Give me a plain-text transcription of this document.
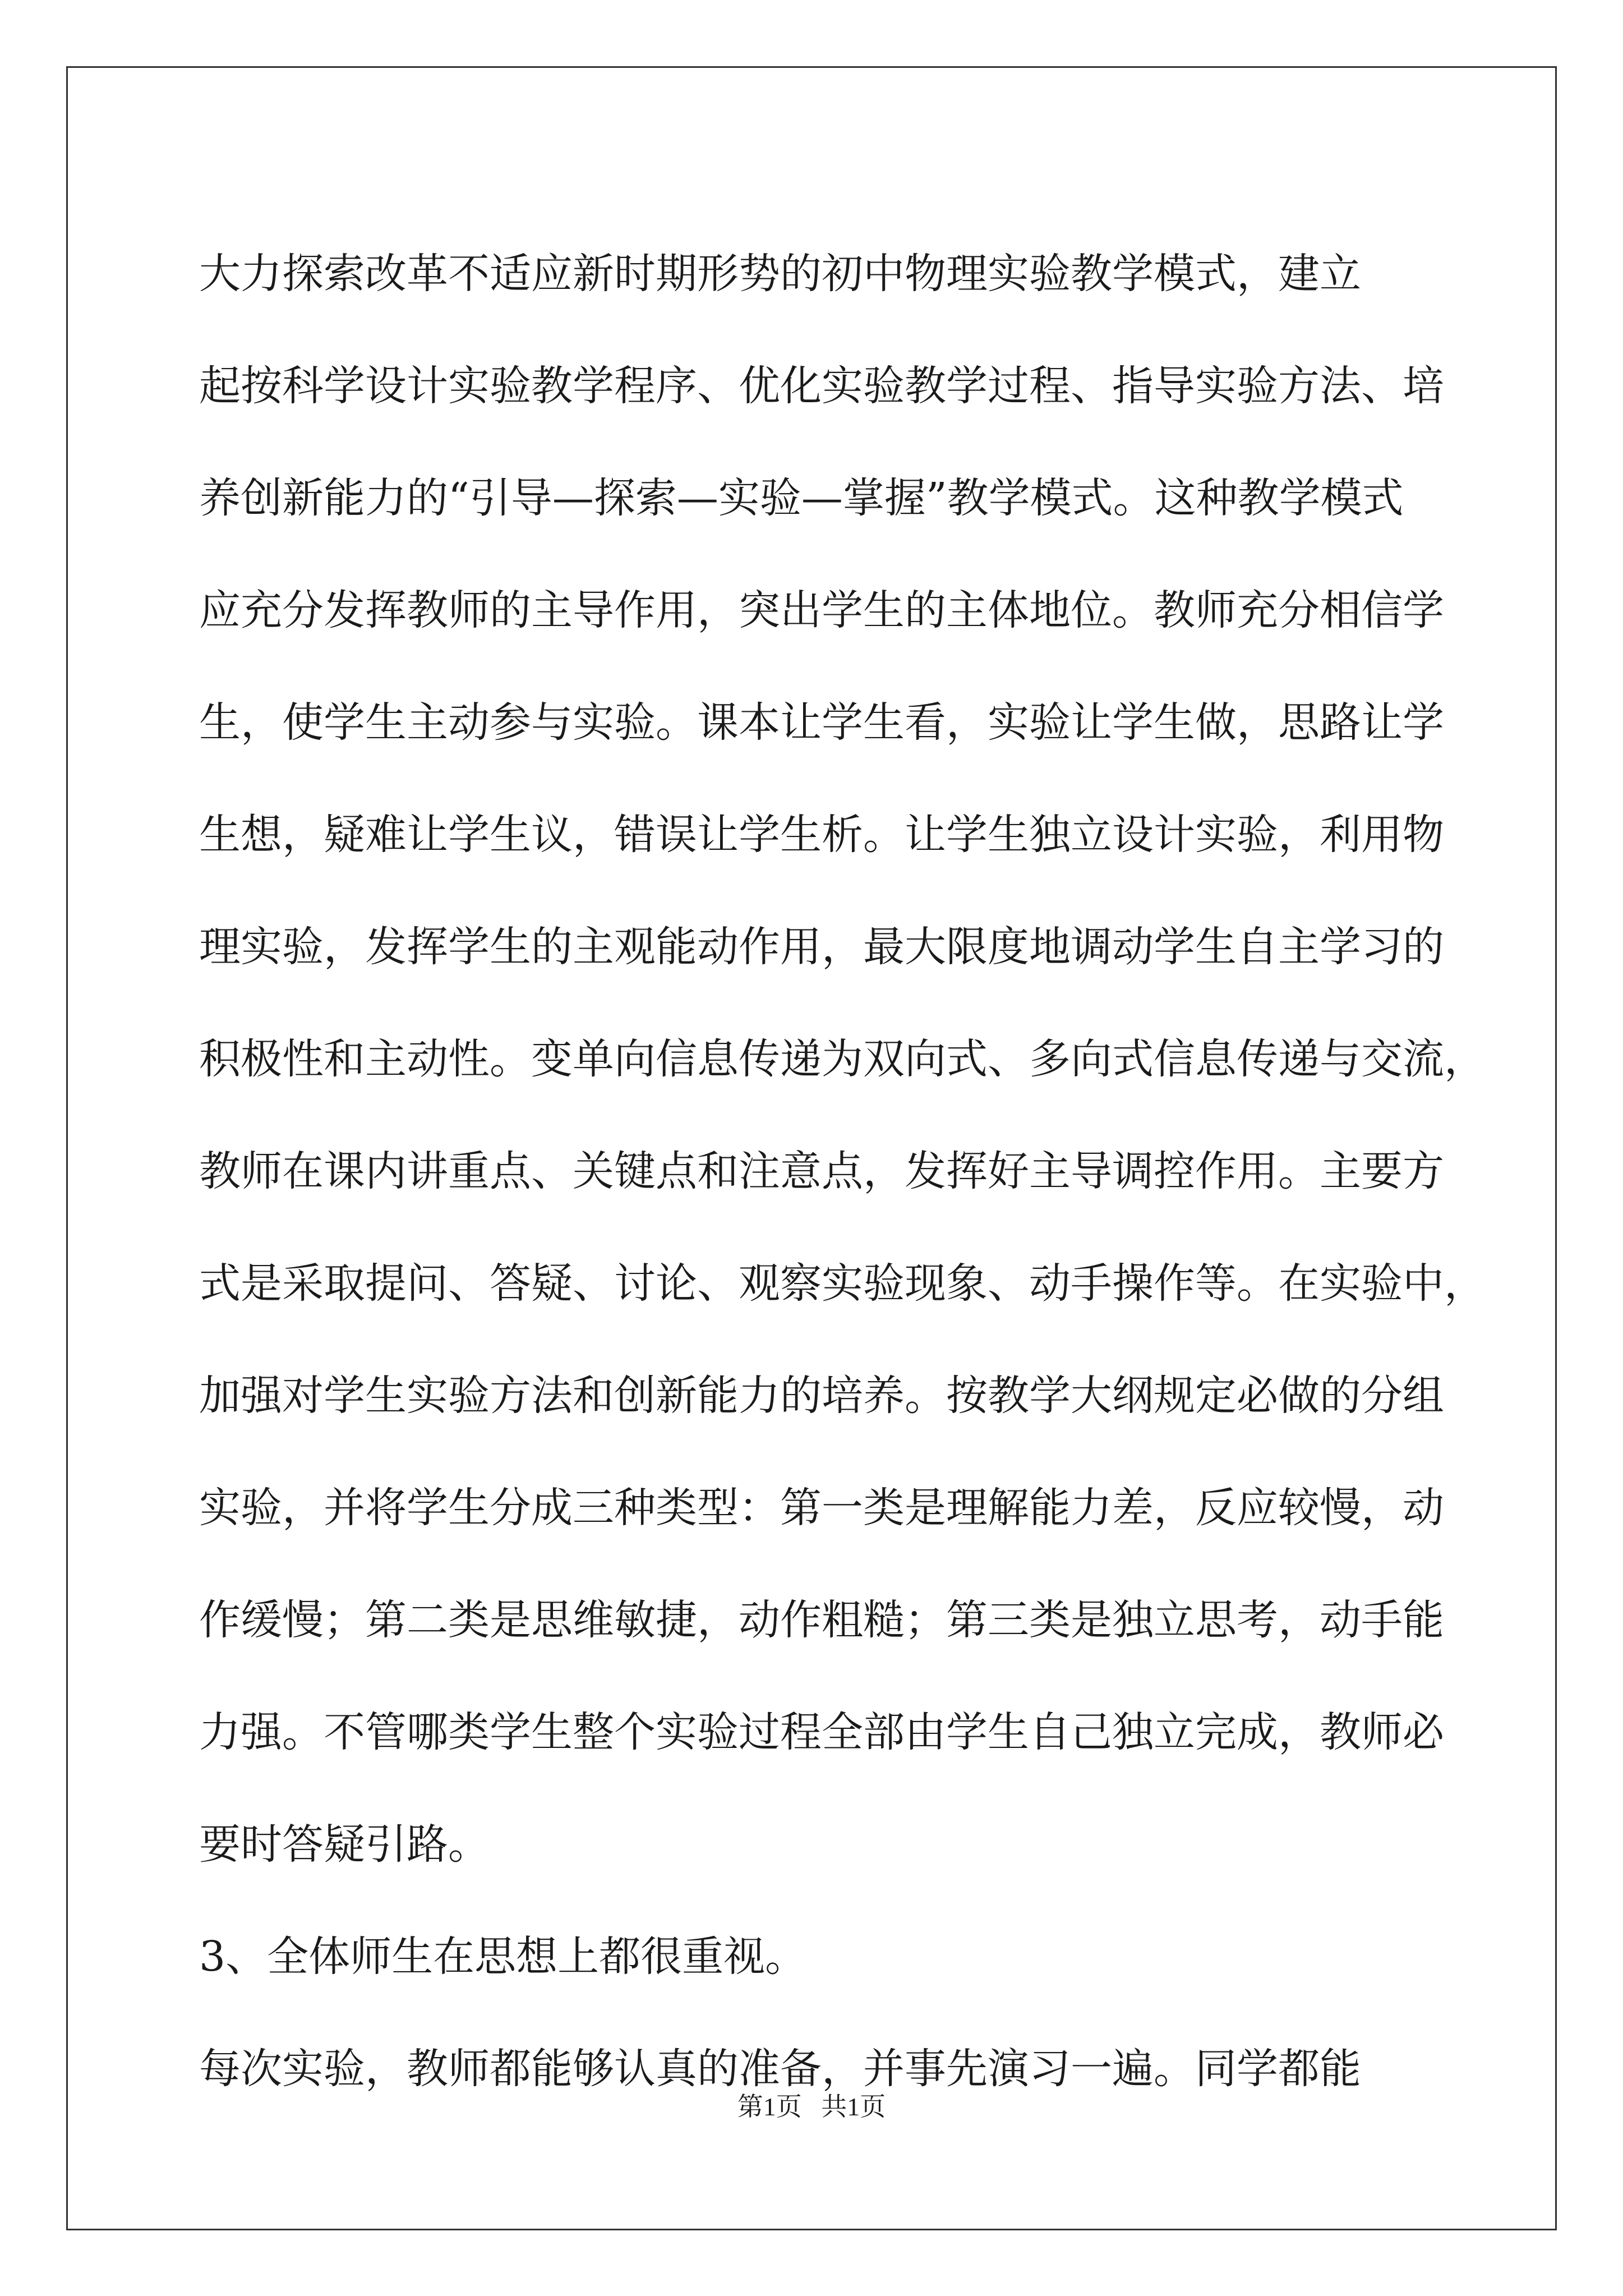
大力探索改革不适应新时期形势的初中物理实验教学模式，建立
起按科学设计实验教学程序、优化实验教学过程、指导实验方法、培
养创新能力的“引导—探索—实验—掌握”教学模式。这种教学模式
应充分发挥教师的主导作用，突出学生的主体地位。教师充分相信学
生，使学生主动参与实验。课本让学生看，实验让学生做，思路让学
生想，疑难让学生议，错误让学生析。让学生独立设计实验，利用物
理实验，发挥学生的主观能动作用，最大限度地调动学生自主学习的
积极性和主动性。变单向信息传递为双向式、多向式信息传递与交流，
教师在课内讲重点、关键点和注意点，发挥好主导调控作用。主要方
式是采取提问、答疑、讨论、观察实验现象、动手操作等。在实验中，
加强对学生实验方法和创新能力的培养。按教学大纲规定必做的分组
实验，并将学生分成三种类型：第一类是理解能力差，反应较慢，动
作缓慢；第二类是思维敏捷，动作粗糙；第三类是独立思考，动手能
力强。不管哪类学生整个实验过程全部由学生自己独立完成，教师必
要时答疑引路。
3、全体师生在思想上都很重视。
每次实验，教师都能够认真的准备，并事先演习一遍。同学都能
第1页   共1页
